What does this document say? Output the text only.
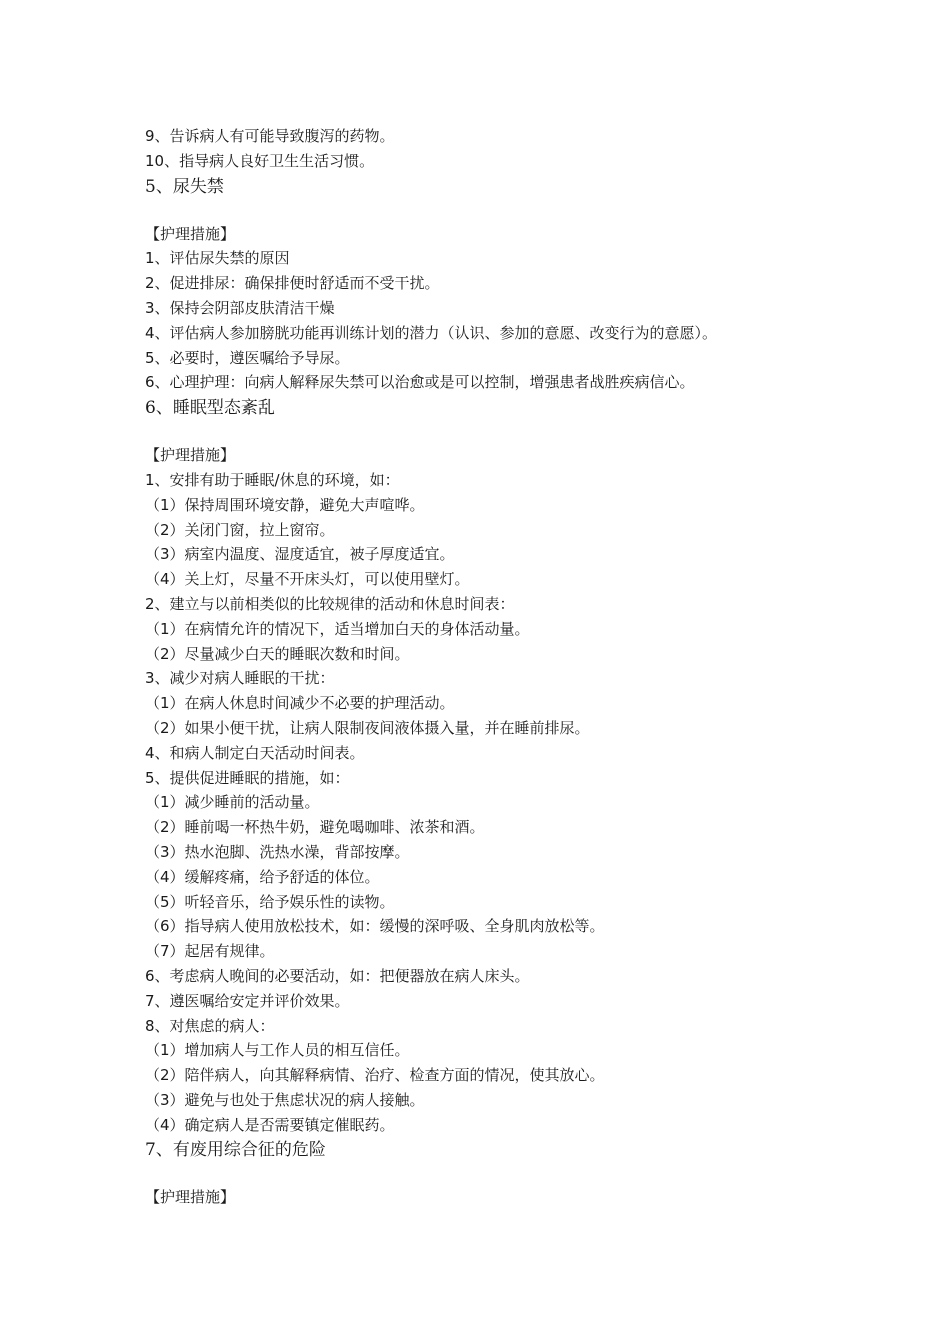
9、告诉病人有可能导致腹泻的药物。
10、指导病人良好卫生生活习惯。
5、尿失禁
【护理措施】
1、评估尿失禁的原因
2、促进排尿：确保排便时舒适而不受干扰。
3、保持会阴部皮肤清洁干燥
4、评估病人参加膀胱功能再训练计划的潜力（认识、参加的意愿、改变行为的意愿）。
5、必要时，遵医嘱给予导尿。
6、心理护理：向病人解释尿失禁可以治愈或是可以控制，增强患者战胜疾病信心。
6、睡眠型态紊乱
【护理措施】
1、安排有助于睡眠/休息的环境，如：
（1）保持周围环境安静，避免大声喧哗。
（2）关闭门窗，拉上窗帘。
（3）病室内温度、湿度适宜，被子厚度适宜。
（4）关上灯，尽量不开床头灯，可以使用壁灯。
2、建立与以前相类似的比较规律的活动和休息时间表：
（1）在病情允许的情况下，适当增加白天的身体活动量。
（2）尽量减少白天的睡眠次数和时间。
3、减少对病人睡眠的干扰：
（1）在病人休息时间减少不必要的护理活动。
（2）如果小便干扰，让病人限制夜间液体摄入量，并在睡前排尿。
4、和病人制定白天活动时间表。
5、提供促进睡眠的措施，如：
（1）减少睡前的活动量。
（2）睡前喝一杯热牛奶，避免喝咖啡、浓茶和酒。
（3）热水泡脚、洗热水澡，背部按摩。
（4）缓解疼痛，给予舒适的体位。
（5）听轻音乐，给予娱乐性的读物。
（6）指导病人使用放松技术，如：缓慢的深呼吸、全身肌肉放松等。
（7）起居有规律。
6、考虑病人晚间的必要活动，如：把便器放在病人床头。
7、遵医嘱给安定并评价效果。
8、对焦虑的病人：
（1）增加病人与工作人员的相互信任。
（2）陪伴病人，向其解释病情、治疗、检查方面的情况，使其放心。
（3）避免与也处于焦虑状况的病人接触。
（4）确定病人是否需要镇定催眠药。
7、有废用综合征的危险
【护理措施】
